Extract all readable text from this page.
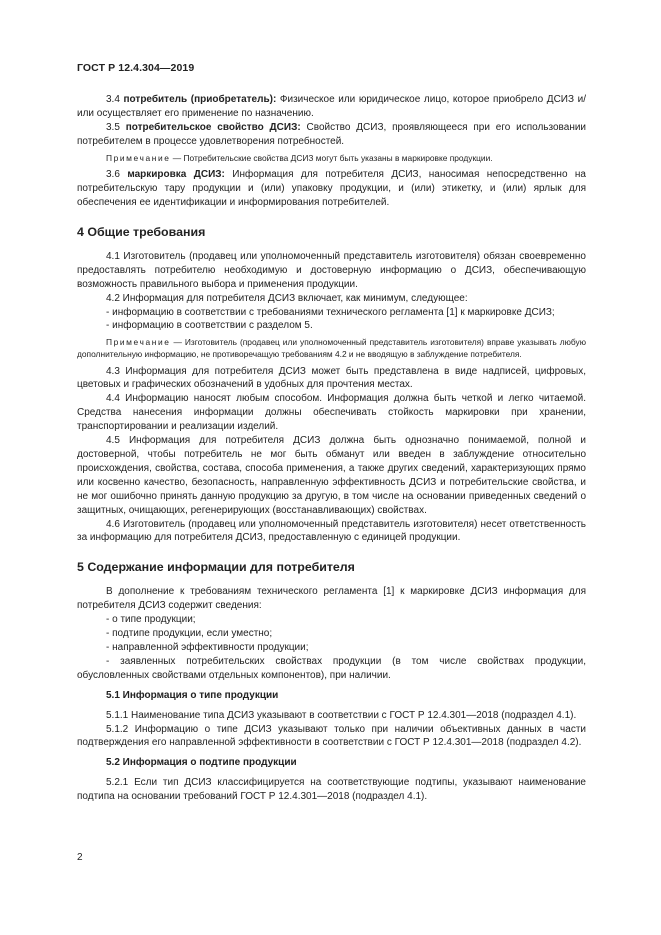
ГОСТ Р 12.4.304—2019

3.4 потребитель (приобретатель): Физическое или юридическое лицо, которое приобрело ДСИЗ и/или осуществляет его применение по назначению.

3.5 потребительское свойство ДСИЗ: Свойство ДСИЗ, проявляющееся при его использовании потребителем в процессе удовлетворения потребностей.

Примечание — Потребительские свойства ДСИЗ могут быть указаны в маркировке продукции.

3.6 маркировка ДСИЗ: Информация для потребителя ДСИЗ, наносимая непосредственно на потребительскую тару продукции и (или) упаковку продукции, и (или) этикетку, и (или) ярлык для обеспечения ее идентификации и информирования потребителей.

4 Общие требования

4.1 Изготовитель (продавец или уполномоченный представитель изготовителя) обязан своевременно предоставлять потребителю необходимую и достоверную информацию о ДСИЗ, обеспечивающую возможность правильного выбора и применения продукции.

4.2 Информация для потребителя ДСИЗ включает, как минимум, следующее:

- информацию в соответствии с требованиями технического регламента [1] к маркировке ДСИЗ;

- информацию в соответствии с разделом 5.

Примечание — Изготовитель (продавец или уполномоченный представитель изготовителя) вправе указывать любую дополнительную информацию, не противоречащую требованиям 4.2 и не вводящую в заблуждение потребителя.

4.3 Информация для потребителя ДСИЗ может быть представлена в виде надписей, цифровых, цветовых и графических обозначений в удобных для прочтения местах.

4.4 Информацию наносят любым способом. Информация должна быть четкой и легко читаемой. Средства нанесения информации должны обеспечивать стойкость маркировки при хранении, транспортировании и реализации изделий.

4.5 Информация для потребителя ДСИЗ должна быть однозначно понимаемой, полной и достоверной, чтобы потребитель не мог быть обманут или введен в заблуждение относительно происхождения, свойства, состава, способа применения, а также других сведений, характеризующих прямо или косвенно качество, безопасность, направленную эффективность ДСИЗ и потребительские свойства, и не мог ошибочно принять данную продукцию за другую, в том числе на основании приведенных сведений о защитных, очищающих, регенерирующих (восстанавливающих) свойствах.

4.6 Изготовитель (продавец или уполномоченный представитель изготовителя) несет ответственность за информацию для потребителя ДСИЗ, предоставленную с единицей продукции.

5 Содержание информации для потребителя

В дополнение к требованиям технического регламента [1] к маркировке ДСИЗ информация для потребителя ДСИЗ содержит сведения:

- о типе продукции;

- подтипе продукции, если уместно;

- направленной эффективности продукции;

- заявленных потребительских свойствах продукции (в том числе свойствах продукции, обусловленных свойствами отдельных компонентов), при наличии.

5.1 Информация о типе продукции

5.1.1 Наименование типа ДСИЗ указывают в соответствии с ГОСТ Р 12.4.301—2018 (подраздел 4.1).

5.1.2 Информацию о типе ДСИЗ указывают только при наличии объективных данных в части подтверждения его направленной эффективности в соответствии с ГОСТ Р 12.4.301—2018 (подраздел 4.2).

5.2 Информация о подтипе продукции

5.2.1 Если тип ДСИЗ классифицируется на соответствующие подтипы, указывают наименование подтипа на основании требований ГОСТ Р 12.4.301—2018 (подраздел 4.1).

2
